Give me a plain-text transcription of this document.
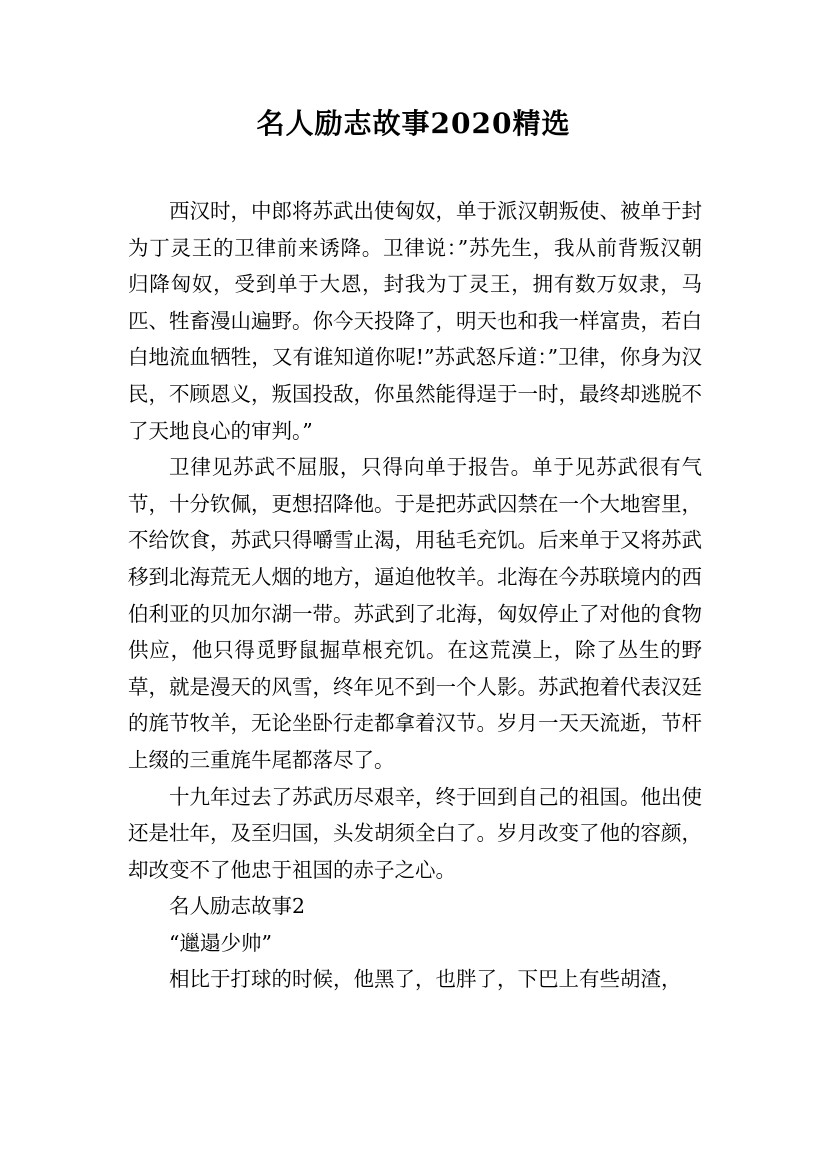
名人励志故事2020精选

西汉时，中郎将苏武出使匈奴，单于派汉朝叛使、被单于封为丁灵王的卫律前来诱降。卫律说：”苏先生，我从前背叛汉朝归降匈奴，受到单于大恩，封我为丁灵王，拥有数万奴隶，马匹、牲畜漫山遍野。你今天投降了，明天也和我一样富贵，若白白地流血牺牲，又有谁知道你呢!”苏武怒斥道：”卫律，你身为汉民，不顾恩义，叛国投敌，你虽然能得逞于一时，最终却逃脱不了天地良心的审判。”

卫律见苏武不屈服，只得向单于报告。单于见苏武很有气节，十分钦佩，更想招降他。于是把苏武囚禁在一个大地窖里，不给饮食，苏武只得嚼雪止渴，用毡毛充饥。后来单于又将苏武移到北海荒无人烟的地方，逼迫他牧羊。北海在今苏联境内的西伯利亚的贝加尔湖一带。苏武到了北海，匈奴停止了对他的食物供应，他只得觅野鼠掘草根充饥。在这荒漠上，除了丛生的野草，就是漫天的风雪，终年见不到一个人影。苏武抱着代表汉廷的旄节牧羊，无论坐卧行走都拿着汉节。岁月一天天流逝，节杆上缀的三重旄牛尾都落尽了。

十九年过去了苏武历尽艰辛，终于回到自己的祖国。他出使还是壮年，及至归国，头发胡须全白了。岁月改变了他的容颜，却改变不了他忠于祖国的赤子之心。

名人励志故事2

“邋遢少帅”

相比于打球的时候，他黑了，也胖了，下巴上有些胡渣，
